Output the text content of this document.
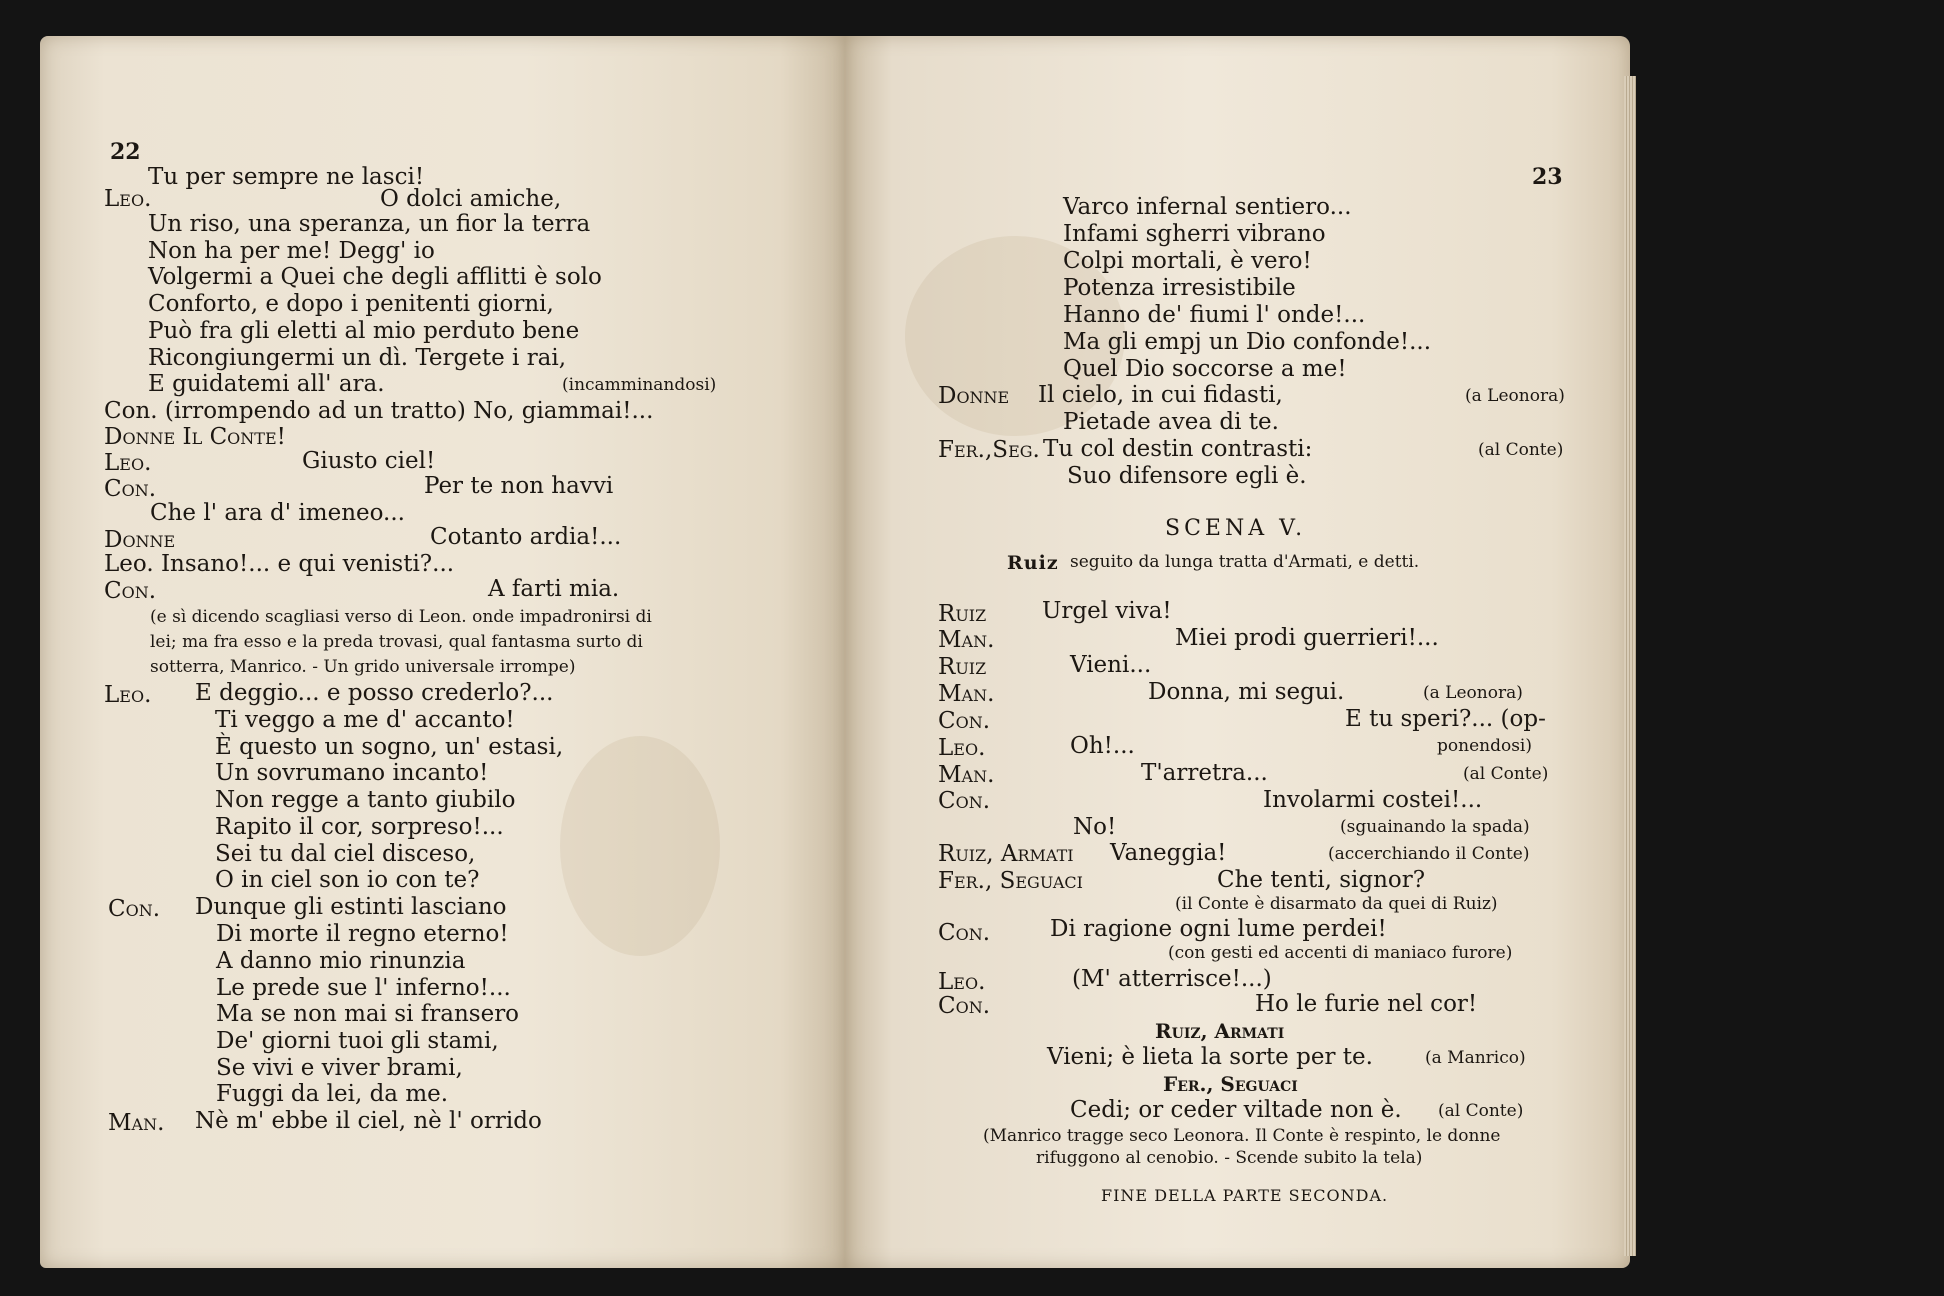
22
Tu per sempre ne lasci!
Leo.	O dolci amiche,
Un riso, una speranza, un fior la terra
Non ha per me! Degg' io
Volgermi a Quei che degli afflitti è solo
Conforto, e dopo i penitenti giorni,
Può fra gli eletti al mio perduto bene
Ricongiungermi un dì. Tergete i rai,
E guidatemi all' ara.	(incamminandosi)
Con. (irrompendo ad un tratto) No, giammai!...
Donne Il Conte!
Leo.	Giusto ciel!
Con.	Per te non havvi
Che l' ara d' imeneo...
Donne	Cotanto ardia!...
Leo. Insano!... e qui venisti?...
Con.	A farti mia.
(e sì dicendo scagliasi verso di Leon. onde impadronirsi di
lei; ma fra esso e la preda trovasi, qual fantasma surto di
sotterra, Manrico. - Un grido universale irrompe)
Leo. E deggio... e posso crederlo?...
Ti veggo a me d' accanto!
È questo un sogno, un' estasi,
Un sovrumano incanto!
Non regge a tanto giubilo
Rapito il cor, sorpreso!...
Sei tu dal ciel disceso,
O in ciel son io con te?
Con. Dunque gli estinti lasciano
Di morte il regno eterno!
A danno mio rinunzia
Le prede sue l' inferno!...
Ma se non mai si fransero
De' giorni tuoi gli stami,
Se vivi e viver brami,
Fuggi da lei, da me.
Man. Nè m' ebbe il ciel, nè l' orrido
23
Varco infernal sentiero...
Infami sgherri vibrano
Colpi mortali, è vero!
Potenza irresistibile
Hanno de' fiumi l' onde!...
Ma gli empj un Dio confonde!...
Quel Dio soccorse a me!
Donne Il cielo, in cui fidasti,	(a Leonora)
Pietade avea di te.
Fer.,Seg. Tu col destin contrasti:	(al Conte)
Suo difensore egli è.
SCENA V.
Ruiz seguito da lunga tratta d'Armati, e detti.
Ruiz Urgel viva!
Man.	Miei prodi guerrieri!...
Ruiz	Vieni...
Man.	Donna, mi segui.	(a Leonora)
Con.	E tu speri?... (op-
Leo.	Oh!...	ponendosi)
Man.	T'arretra...	(al Conte)
Con.	Involarmi costei!...
No!	(sguainando la spada)
Ruiz, Armati Vaneggia!	(accerchiando il Conte)
Fer., Seguaci	Che tenti, signor?
(il Conte è disarmato da quei di Ruiz)
Con.	Di ragione ogni lume perdei!
(con gesti ed accenti di maniaco furore)
Leo.	(M' atterrisce!...)
Con.	Ho le furie nel cor!
Ruiz, Armati
Vieni; è lieta la sorte per te.	(a Manrico)
Fer., Seguaci
Cedi; or ceder viltade non è. (al Conte)
(Manrico tragge seco Leonora. Il Conte è respinto, le donne
rifuggono al cenobio. - Scende subito la tela)
FINE DELLA PARTE SECONDA.
